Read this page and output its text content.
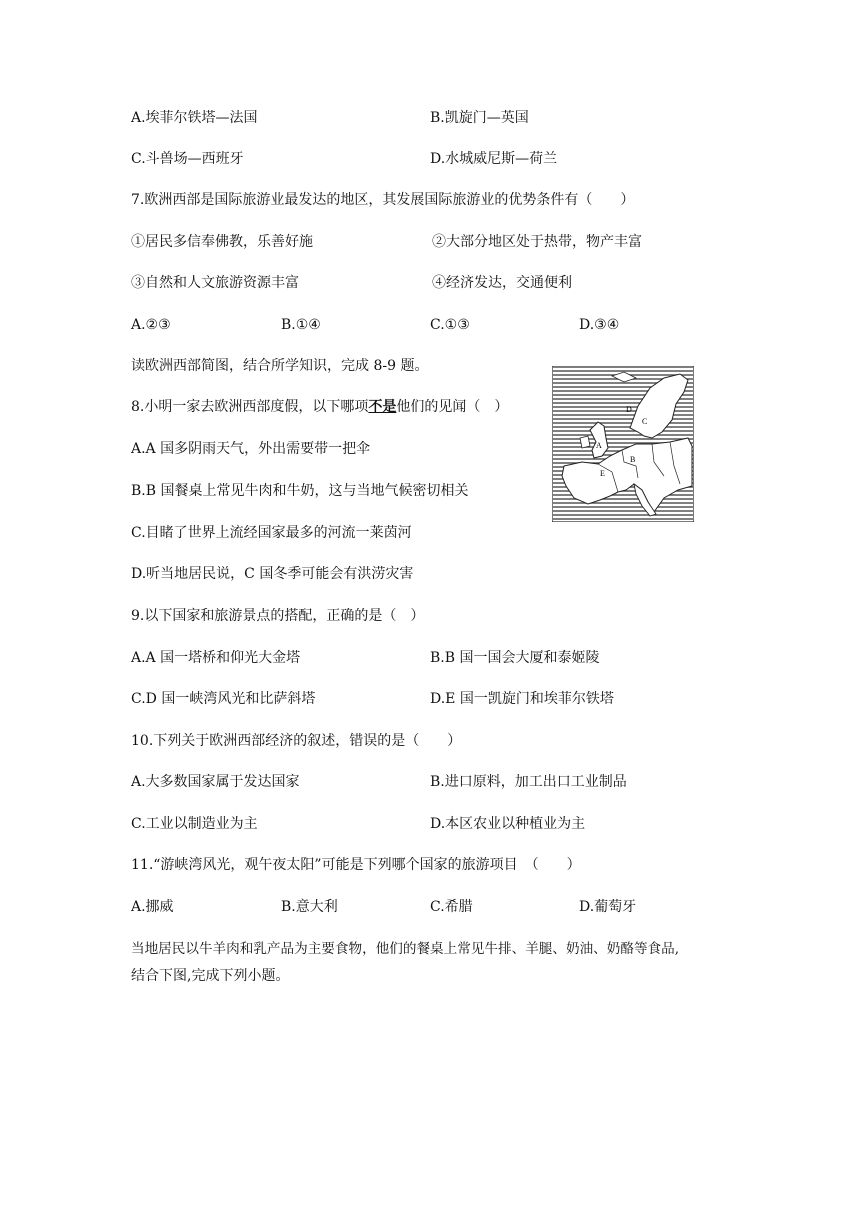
A.埃菲尔铁塔—法国	B.凯旋门—英国
C.斗兽场—西班牙	D.水城威尼斯—荷兰
7.欧洲西部是国际旅游业最发达的地区，其发展国际旅游业的优势条件有（　　）
①居民多信奉佛教，乐善好施	②大部分地区处于热带，物产丰富
③自然和人文旅游资源丰富	④经济发达，交通便利
A.②③	B.①④	C.①③	D.③④
读欧洲西部简图，结合所学知识，完成 8-9 题。
8.小明一家去欧洲西部度假，以下哪项不是他们的见闻（　）
A.A 国多阴雨天气，外出需要带一把伞
B.B 国餐桌上常见牛肉和牛奶，这与当地气候密切相关
C.目睹了世界上流经国家最多的河流一莱茵河
D.听当地居民说，C 国冬季可能会有洪涝灾害
A
B
C
D
E
9.以下国家和旅游景点的搭配，正确的是（　）
A.A 国一塔桥和仰光大金塔	B.B 国一国会大厦和泰姬陵
C.D 国一峡湾风光和比萨斜塔	D.E 国一凯旋门和埃菲尔铁塔
10.下列关于欧洲西部经济的叙述，错误的是（　　）
A.大多数国家属于发达国家	B.进口原料，加工出口工业制品
C.工业以制造业为主	D.本区农业以种植业为主
11.“游峡湾风光，观午夜太阳”可能是下列哪个国家的旅游项目　（　　）
A.挪威	B.意大利	C.希腊	D.葡萄牙
当地居民以牛羊肉和乳产品为主要食物，他们的餐桌上常见牛排、羊腿、奶油、奶酪等食品,
结合下图,完成下列小题。
